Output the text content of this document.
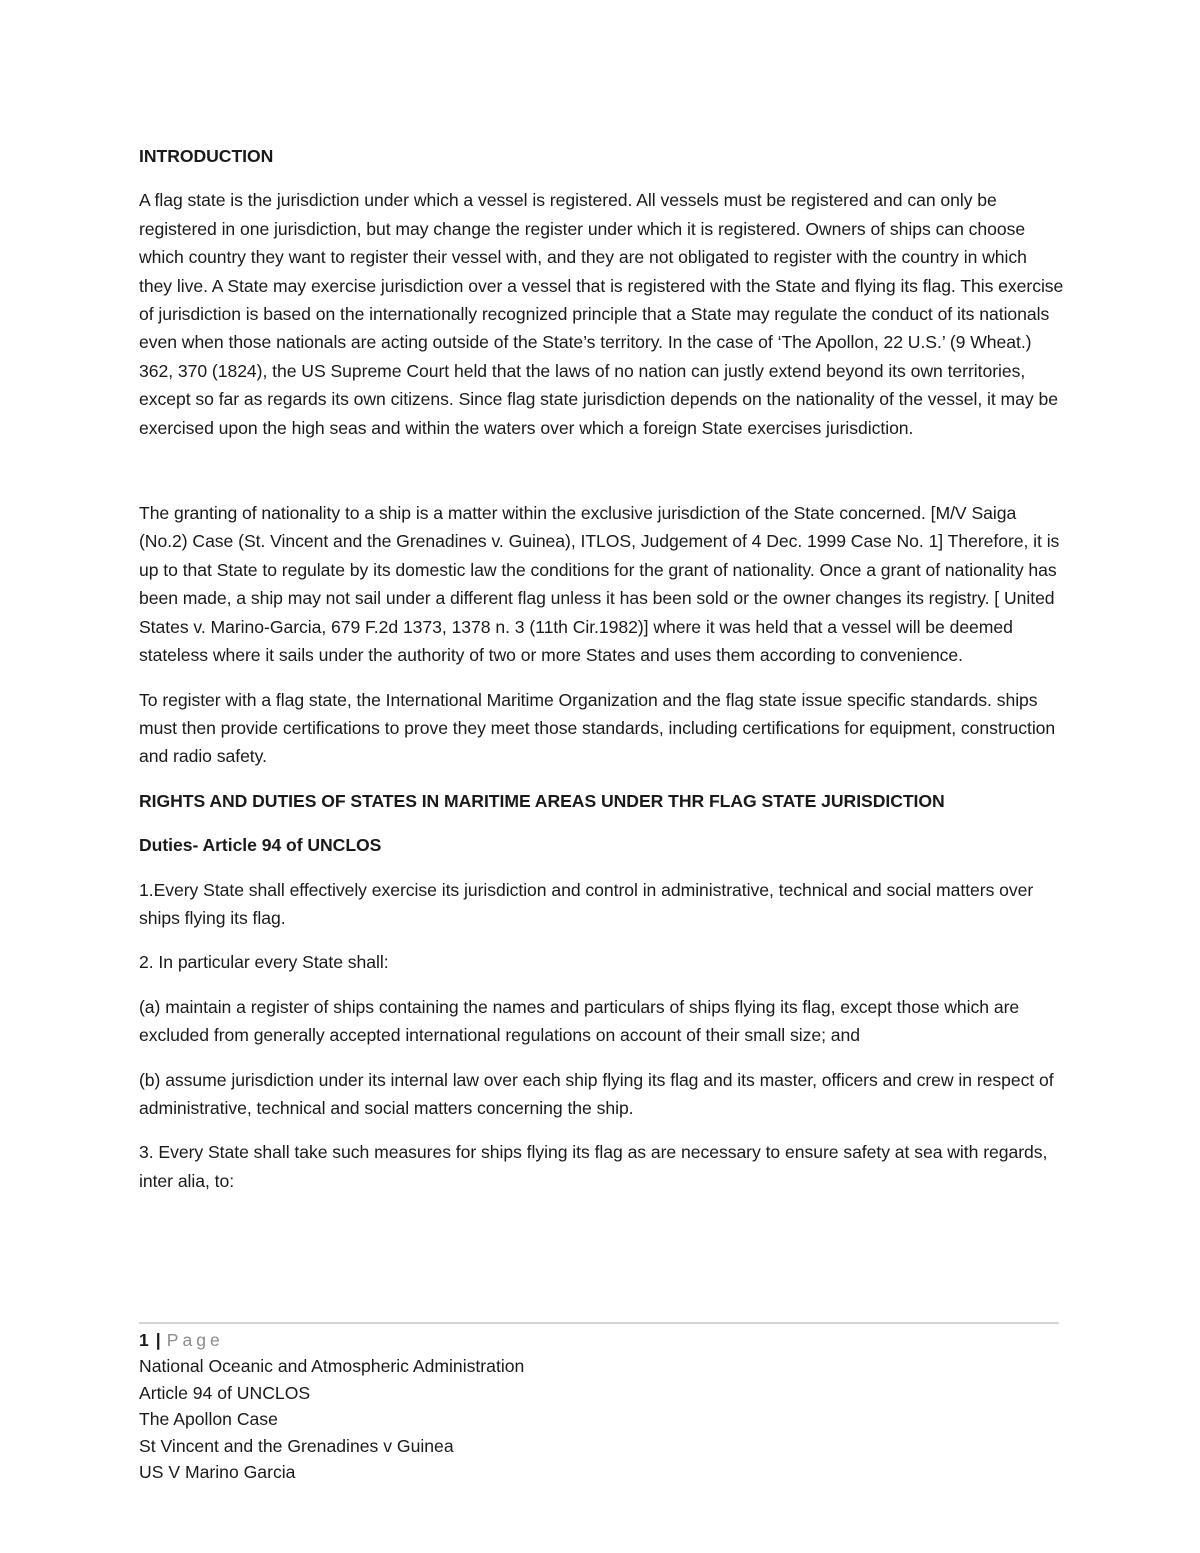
INTRODUCTION

A flag state is the jurisdiction under which a vessel is registered. All vessels must be registered and can only be registered in one jurisdiction, but may change the register under which it is registered. Owners of ships can choose which country they want to register their vessel with, and they are not obligated to register with the country in which they live. A State may exercise jurisdiction over a vessel that is registered with the State and flying its flag. This exercise of jurisdiction is based on the internationally recognized principle that a State may regulate the conduct of its nationals even when those nationals are acting outside of the State’s territory. In the case of ‘The Apollon, 22 U.S.’ (9 Wheat.) 362, 370 (1824), the US Supreme Court held that the laws of no nation can justly extend beyond its own territories, except so far as regards its own citizens. Since flag state jurisdiction depends on the nationality of the vessel, it may be exercised upon the high seas and within the waters over which a foreign State exercises jurisdiction.

The granting of nationality to a ship is a matter within the exclusive jurisdiction of the State concerned. [M/V Saiga (No.2) Case (St. Vincent and the Grenadines v. Guinea), ITLOS, Judgement of 4 Dec. 1999 Case No. 1] Therefore, it is up to that State to regulate by its domestic law the conditions for the grant of nationality. Once a grant of nationality has been made, a ship may not sail under a different flag unless it has been sold or the owner changes its registry. [ United States v. Marino-Garcia, 679 F.2d 1373, 1378 n. 3 (11th Cir.1982)] where it was held that a vessel will be deemed stateless where it sails under the authority of two or more States and uses them according to convenience.

To register with a flag state, the International Maritime Organization and the flag state issue specific standards. ships must then provide certifications to prove they meet those standards, including certifications for equipment, construction and radio safety.

RIGHTS AND DUTIES OF STATES IN MARITIME AREAS UNDER THR FLAG STATE JURISDICTION

Duties- Article 94 of UNCLOS

1.Every State shall effectively exercise its jurisdiction and control in administrative, technical and social matters over ships flying its flag.

2. In particular every State shall:

(a) maintain a register of ships containing the names and particulars of ships flying its flag, except those which are excluded from generally accepted international regulations on account of their small size; and

(b) assume jurisdiction under its internal law over each ship flying its flag and its master, officers and crew in respect of administrative, technical and social matters concerning the ship.

3. Every State shall take such measures for ships flying its flag as are necessary to ensure safety at sea with regards, inter alia, to:

1 | Page
National Oceanic and Atmospheric Administration
Article 94 of UNCLOS
The Apollon Case
St Vincent and the Grenadines v Guinea
US V Marino Garcia
